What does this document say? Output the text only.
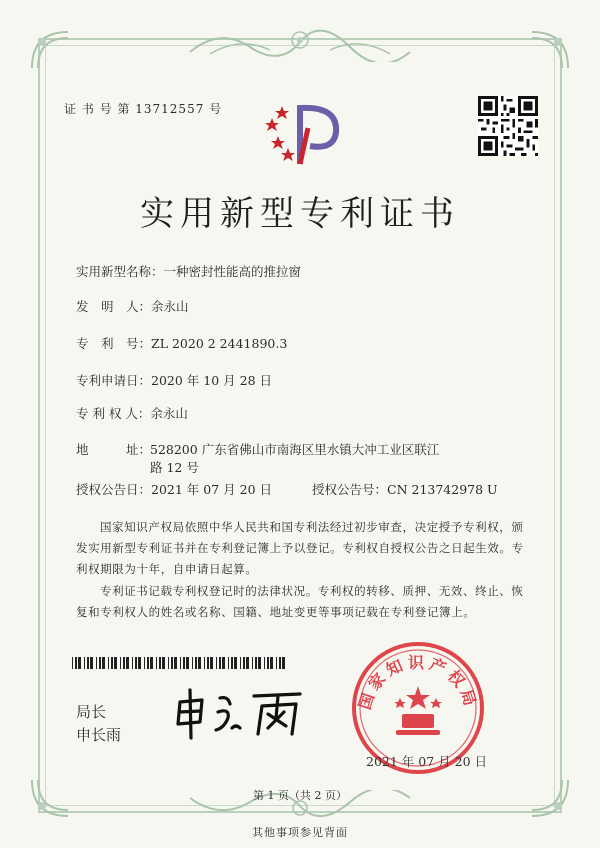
证 书 号 第 13712557 号
实用新型专利证书
实用新型名称：一种密封性能高的推拉窗
发　明　人：余永山
专　利　号：ZL 2020 2 2441890.3
专利申请日：2020 年 10 月 28 日
专 利 权 人：余永山
地　　　址：
528200 广东省佛山市南海区里水镇大冲工业区联江路 12 号
授权公告日：2021 年 07 月 20 日	授权公告号：CN 213742978 U
国家知识产权局依照中华人民共和国专利法经过初步审查，决定授予专利权，颁发实用新型专利证书并在专利登记簿上予以登记。专利权自授权公告之日起生效。专利权期限为十年，自申请日起算。
专利证书记载专利权登记时的法律状况。专利权的转移、质押、无效、终止、恢复和专利权人的姓名或名称、国籍、地址变更等事项记载在专利登记簿上。
局长
申长雨
国家知识产权局
2021 年 07 月 20 日
第 1 页（共 2 页）
其他事项参见背面
